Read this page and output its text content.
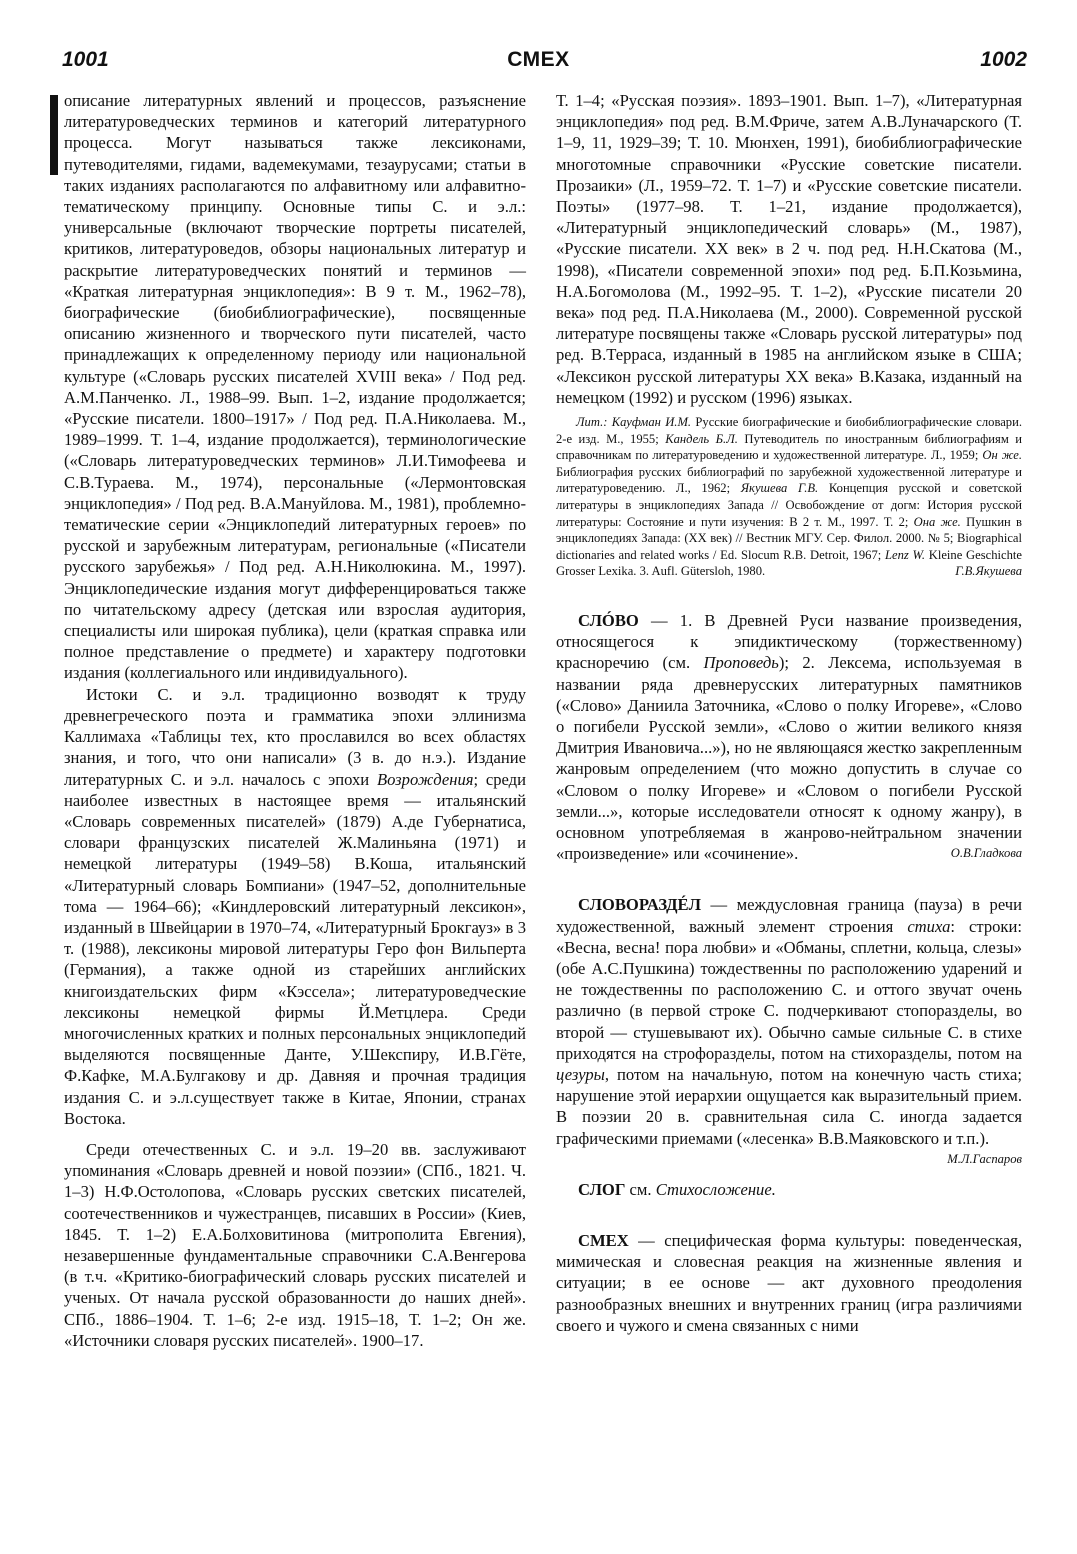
1001	СМЕХ	1002

описание литературных явлений и процессов, разъяснение литературоведческих терминов и категорий литературного процесса. Могут называться также лексиконами, путеводителями, гидами, вадемекумами, тезаурусами; статьи в таких изданиях располагаются по алфавитному или алфавитно-тематическому принципу. Основные типы С. и э.л.: универсальные (включают творческие портреты писателей, критиков, литературоведов, обзоры национальных литератур и раскрытие литературоведческих понятий и терминов — «Краткая литературная энциклопедия»: В 9 т. М., 1962–78), биографические (биобиблиографические), посвященные описанию жизненного и творческого пути писателей, часто принадлежащих к определенному периоду или национальной культуре («Словарь русских писателей XVIII века» / Под ред. А.М.Панченко. Л., 1988–99. Вып. 1–2, издание продолжается; «Русские писатели. 1800–1917» / Под ред. П.А.Николаева. М., 1989–1999. Т. 1–4, издание продолжается), терминологические («Словарь литературоведческих терминов» Л.И.Тимофеева и С.В.Тураева. М., 1974), персональные («Лермонтовская энциклопедия» / Под ред. В.А.Мануйлова. М., 1981), проблемно-тематические серии «Энциклопедий литературных героев» по русской и зарубежным литературам, региональные («Писатели русского зарубежья» / Под ред. А.Н.Николюкина. М., 1997). Энциклопедические издания могут дифференцироваться также по читательскому адресу (детская или взрослая аудитория, специалисты или широкая публика), цели (краткая справка или полное представление о предмете) и характеру подготовки издания (коллегиального или индивидуального).

Истоки С. и э.л. традиционно возводят к труду древнегреческого поэта и грамматика эпохи эллинизма Каллимаха «Таблицы тех, кто прославился во всех областях знания, и того, что они написали» (3 в. до н.э.). Издание литературных С. и э.л. началось с эпохи Возрождения; среди наиболее известных в настоящее время — итальянский «Словарь современных писателей» (1879) А.де Губернатиса, словари французских писателей Ж.Малиньяна (1971) и немецкой литературы (1949–58) В.Коша, итальянский «Литературный словарь Бомпиани» (1947–52, дополнительные тома — 1964–66); «Киндлеровский литературный лексикон», изданный в Швейцарии в 1970–74, «Литературный Брокгауз» в 3 т. (1988), лексиконы мировой литературы Геро фон Вильперта (Германия), а также одной из старейших английских книгоиздательских фирм «Кэссела»; литературоведческие лексиконы немецкой фирмы Й.Метцлера. Среди многочисленных кратких и полных персональных энциклопедий выделяются посвященные Данте, У.Шекспиру, И.В.Гёте, Ф.Кафке, М.А.Булгакову и др. Давняя и прочная традиция издания С. и э.л.существует также в Китае, Японии, странах Востока.

Среди отечественных С. и э.л. 19–20 вв. заслуживают упоминания «Словарь древней и новой поэзии» (СПб., 1821. Ч. 1–3) Н.Ф.Остолопова, «Словарь русских светских писателей, соотечественников и чужестранцев, писавших в России» (Киев, 1845. Т. 1–2) Е.А.Болховитинова (митрополита Евгения), незавершенные фундаментальные справочники С.А.Венгерова (в т.ч. «Критико-биографический словарь русских писателей и ученых. От начала русской образованности до наших дней». СПб., 1886–1904. Т. 1–6; 2-е изд. 1915–18, Т. 1–2; Он же. «Источники словаря русских писателей». 1900–17.

Т. 1–4; «Русская поэзия». 1893–1901. Вып. 1–7), «Литературная энциклопедия» под ред. В.М.Фриче, затем А.В.Луначарского (Т. 1–9, 11, 1929–39; Т. 10. Мюнхен, 1991), биобиблиографические многотомные справочники «Русские советские писатели. Прозаики» (Л., 1959–72. Т. 1–7) и «Русские советские писатели. Поэты» (1977–98. Т. 1–21, издание продолжается), «Литературный энциклопедический словарь» (М., 1987), «Русские писатели. XX век» в 2 ч. под ред. Н.Н.Скатова (М., 1998), «Писатели современной эпохи» под ред. Б.П.Козьмина, Н.А.Богомолова (М., 1992–95. Т. 1–2), «Русские писатели 20 века» под ред. П.А.Николаева (М., 2000). Современной русской литературе посвящены также «Словарь русской литературы» под ред. В.Терраса, изданный в 1985 на английском языке в США; «Лексикон русской литературы XX века» В.Казака, изданный на немецком (1992) и русском (1996) языках.

Лит.: Кауфман И.М. Русские биографические и биобиблиографические словари. 2-е изд. М., 1955; Кандель Б.Л. Путеводитель по иностранным библиографиям и справочникам по литературоведению и художественной литературе. Л., 1959; Он же. Библиография русских библиографий по зарубежной художественной литературе и литературоведению. Л., 1962; Якушева Г.В. Концепция русской и советской литературы в энциклопедиях Запада // Освобождение от догм: История русской литературы: Состояние и пути изучения: В 2 т. М., 1997. Т. 2; Она же. Пушкин в энциклопедиях Запада: (XX век) // Вестник МГУ. Сер. Филол. 2000. № 5; Biographical dictionaries and related works / Ed. Slocum R.B. Detroit, 1967; Lenz W. Kleine Geschichte Grosser Lexika. 3. Aufl. Gütersloh, 1980.	Г.В.Якушева

СЛÓВО — 1. В Древней Руси название произведения, относящегося к эпидиктическому (торжественному) красноречию (см. Проповедь); 2. Лексема, используемая в названии ряда древнерусских литературных памятников («Слово» Даниила Заточника, «Слово о полку Игореве», «Слово о погибели Русской земли», «Слово о житии великого князя Дмитрия Ивановича...»), но не являющаяся жестко закрепленным жанровым определением (что можно допустить в случае со «Словом о полку Игореве» и «Словом о погибели Русской земли...», которые исследователи относят к одному жанру), в основном употребляемая в жанрово-нейтральном значении «произведение» или «сочинение».	О.В.Гладкова

СЛОВОРАЗДÉЛ — междусловная граница (пауза) в речи художественной, важный элемент строения стиха: строки: «Весна, весна! пора любви» и «Обманы, сплетни, кольца, слезы» (обе А.С.Пушкина) тождественны по расположению ударений и не тождественны по расположению С. и оттого звучат очень различно (в первой строке С. подчеркивают стопоразделы, во второй — стушевывают их). Обычно самые сильные С. в стихе приходятся на строфоразделы, потом на стихоразделы, потом на цезуры, потом на начальную, потом на конечную часть стиха; нарушение этой иерархии ощущается как выразительный прием. В поэзии 20 в. сравнительная сила С. иногда задается графическими приемами («лесенка» В.В.Маяковского и т.п.).
М.Л.Гаспаров

СЛОГ см. Стихосложение.

СМЕХ — специфическая форма культуры: поведенческая, мимическая и словесная реакция на жизненные явления и ситуации; в ее основе — акт духовного преодоления разнообразных внешних и внутренних границ (игра различиями своего и чужого и смена связанных с ними
